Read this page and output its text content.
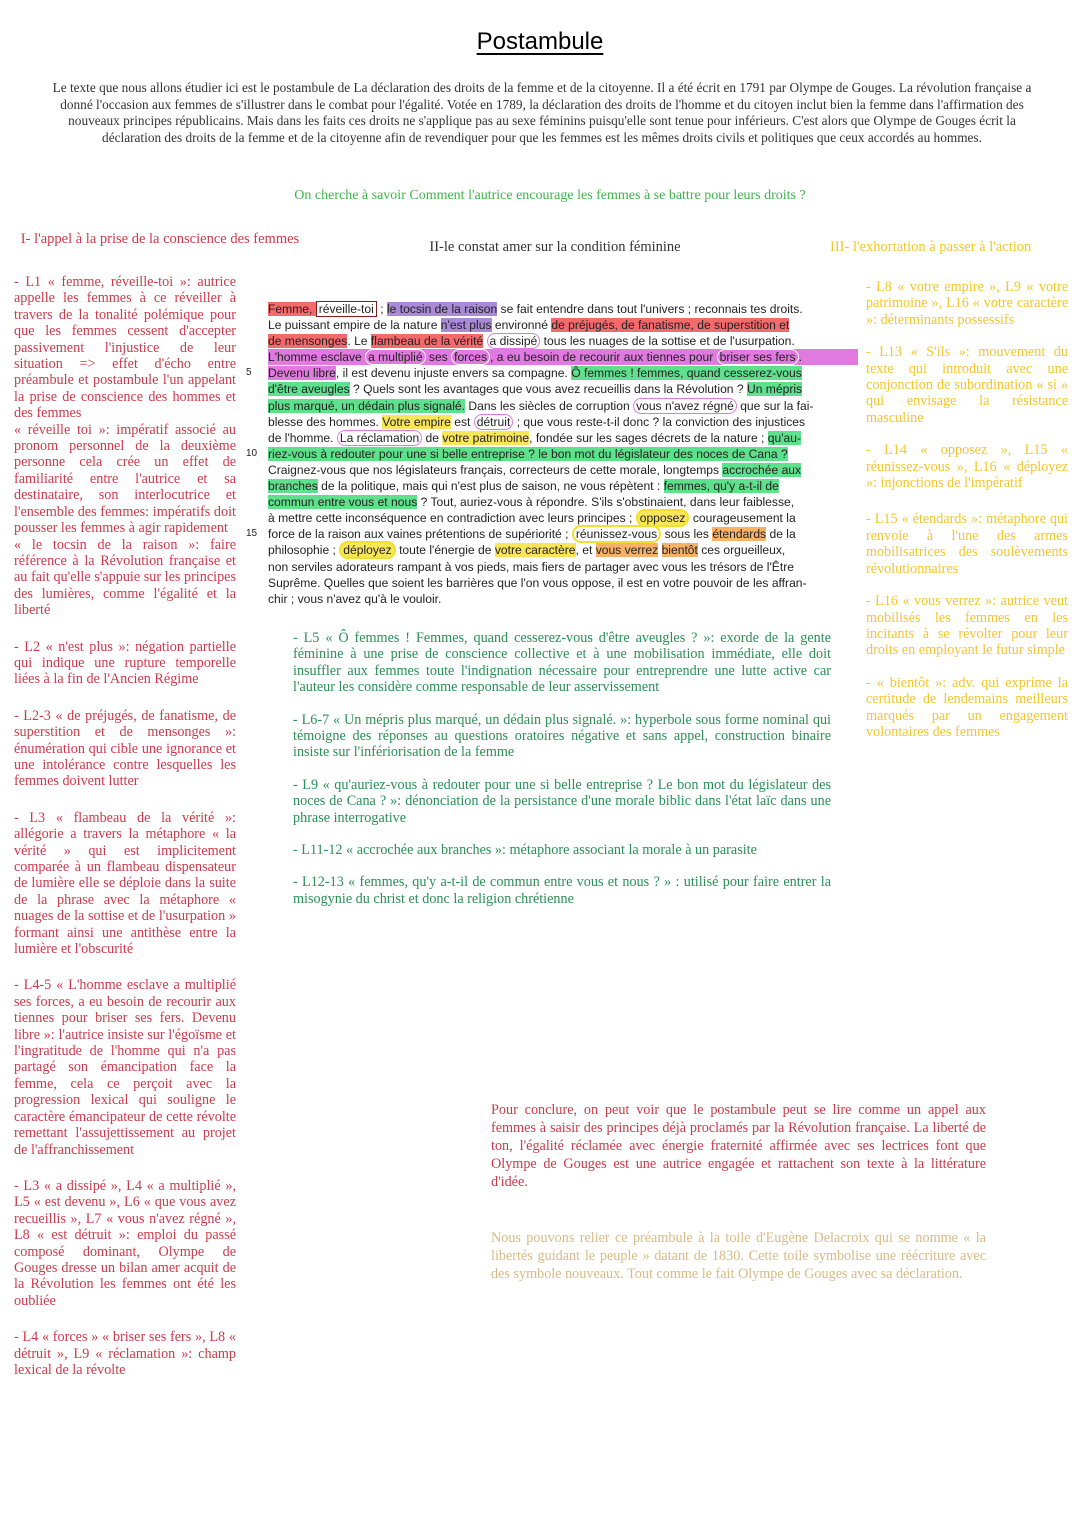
Postambule
Le texte que nous allons étudier ici est le postambule de La déclaration des droits de la femme et de la citoyenne. Il a été écrit en 1791 par Olympe de Gouges. La révolution française a donné l'occasion aux femmes de s'illustrer dans le combat pour l'égalité. Votée en 1789, la déclaration des droits de l'homme et du citoyen inclut bien la femme dans l'affirmation des nouveaux principes républicains. Mais dans les faits ces droits ne s'applique pas au sexe féminins puisqu'elle sont tenue pour inférieurs. C'est alors que Olympe de Gouges écrit la déclaration des droits de la femme et de la citoyenne afin de revendiquer pour que les femmes est les mêmes droits civils et politiques que ceux accordés au hommes.
On cherche à savoir Comment l'autrice encourage les femmes à se battre pour leurs droits ?
I- l'appel à la prise de la conscience des femmes	II-le constat amer sur la condition féminine	III- l'exhortation à passer à l'action

- L1 « femme, réveille-toi »: autrice appelle les femmes à ce réveiller à travers de la tonalité polémique pour que les femmes cessent d'accepter passivement l'injustice de leur situation => effet d'écho entre préambule et postambule l'un appelant la prise de conscience des hommes et des femmes
« réveille toi »: impératif associé au pronom personnel de la deuxième personne cela crée un effet de familiarité entre l'autrice et sa destinataire, son interlocutrice et l'ensemble des femmes: impératifs doit pousser les femmes à agir rapidement
« le tocsin de la raison »: faire référence à la Révolution française et au fait qu'elle s'appuie sur les principes des lumières, comme l'égalité et la liberté

- L2 « n'est plus »: négation partielle qui indique une rupture temporelle liées à la fin de l'Ancien Régime

- L2-3 « de préjugés, de fanatisme, de superstition et de mensonges »: énumération qui cible une ignorance et une intolérance contre lesquelles les femmes doivent lutter

- L3 « flambeau de la vérité »: allégorie a travers la métaphore « la vérité » qui est implicitement comparée à un flambeau dispensateur de lumière elle se déploie dans la suite de la phrase avec la métaphore « nuages de la sottise et de l'usurpation » formant ainsi une antithèse entre la lumière et l'obscurité

- L4-5 « L'homme esclave a multiplié ses forces, a eu besoin de recourir aux tiennes pour briser ses fers. Devenu libre »: l'autrice insiste sur l'égoïsme et l'ingratitude de l'homme qui n'a pas partagé son émancipation face la femme, cela ce perçoit avec la progression lexical qui souligne le caractère émancipateur de cette révolte remettant l'assujettissement au projet de l'affranchissement

- L3 « a dissipé », L4 « a multiplié », L5 « est devenu », L6 « que vous avez recueillis », L7 « vous n'avez régné », L8 « est détruit »: emploi du passé composé dominant, Olympe de Gouges dresse un bilan amer acquit de la Révolution les femmes ont été les oubliée

- L4 « forces » « briser ses fers », L8 « détruit », L9 « réclamation »: champ lexical de la révolte

- L8 « votre empire », L9 « votre patrimoine », L16 « votre caractère »: déterminants possessifs

- L13 « S'ils »: mouvement du texte qui introduit avec une conjonction de subordination « si » qui envisage la résistance masculine

- L14 « opposez », L15 « réunissez-vous », L16 « déployez »: injonctions de l'impératif

- L15 « étendards »: métaphore qui renvoie à l'une des armes mobilisatrices des soulèvements révolutionnaires

- L16 « vous verrez »: autrice veut mobilisés les femmes en les incitants à se révolter pour leur droits en employant le futur simple

- « bientôt »: adv. qui exprime la certitude de lendemains meilleurs marqués par un engagement volontaires des femmes

Femme, réveille-toi ; le tocsin de la raison se fait entendre dans tout l'univers ; reconnais tes droits.
Le puissant empire de la nature n'est plus environné de préjugés, de fanatisme, de superstition et
de mensonges. Le flambeau de la vérité a dissipé tous les nuages de la sottise et de l'usurpation.
L'homme esclave a multiplié ses forces , a eu besoin de recourir aux tiennes pour briser ses fers .
5 Devenu libre, il est devenu injuste envers sa compagne. Ô femmes ! femmes, quand cesserez-vous
d'être aveugles ? Quels sont les avantages que vous avez recueillis dans la Révolution ? Un mépris
plus marqué, un dédain plus signalé. Dans les siècles de corruption vous n'avez régné que sur la fai-
blesse des hommes. Votre empire est détruit ; que vous reste-t-il donc ? la conviction des injustices
de l'homme. La réclamation de votre patrimoine, fondée sur les sages décrets de la nature ; qu'au-
10 riez-vous à redouter pour une si belle entreprise ? le bon mot du législateur des noces de Cana ?
Craignez-vous que nos législateurs français, correcteurs de cette morale, longtemps accrochée aux
branches de la politique, mais qui n'est plus de saison, ne vous répètent : femmes, qu'y a-t-il de
commun entre vous et nous ? Tout, auriez-vous à répondre. S'ils s'obstinaient, dans leur faiblesse,
à mettre cette inconséquence en contradiction avec leurs principes ; opposez courageusement la
15 force de la raison aux vaines prétentions de supériorité ; réunissez-vous sous les étendards de la
philosophie ; déployez toute l'énergie de votre caractère, et vous verrez bientôt ces orgueilleux,
non serviles adorateurs rampant à vos pieds, mais fiers de partager avec vous les trésors de l'Être
Suprême. Quelles que soient les barrières que l'on vous oppose, il est en votre pouvoir de les affran-
chir ; vous n'avez qu'à le vouloir.

- L5 « Ô femmes ! Femmes, quand cesserez-vous d'être aveugles ? »: exorde de la gente féminine à une prise de conscience collective et à une mobilisation immédiate, elle doit insuffler aux femmes toute l'indignation nécessaire pour entreprendre une lutte active car l'auteur les considère comme responsable de leur asservissement

- L6-7 « Un mépris plus marqué, un dédain plus signalé. »: hyperbole sous forme nominal qui témoigne des réponses au questions oratoires négative et sans appel, construction binaire insiste sur l'infériorisation de la femme

- L9 « qu'auriez-vous à redouter pour une si belle entreprise ? Le bon mot du législateur des noces de Cana ? »: dénonciation de la persistance d'une morale biblic dans l'état laïc dans une phrase interrogative

- L11-12 « accrochée aux branches »: métaphore associant la morale à un parasite

- L12-13 « femmes, qu'y a-t-il de commun entre vous et nous ? » : utilisé pour faire entrer la misogynie du christ et donc la religion chrétienne

Pour conclure, on peut voir que le postambule peut se lire comme un appel aux femmes à saisir des principes déjà proclamés par la Révolution française. La liberté de ton, l'égalité réclamée avec énergie fraternité affirmée avec ses lectrices font que Olympe de Gouges est une autrice engagée et rattachent son texte à la littérature d'idée.
Nous pouvons relier ce préambule à la toile d'Eugène Delacroix qui se nomme « la libertés guidant le peuple » datant de 1830. Cette toile symbolise une réécriture avec des symbole nouveaux. Tout comme le fait Olympe de Gouges avec sa déclaration.
